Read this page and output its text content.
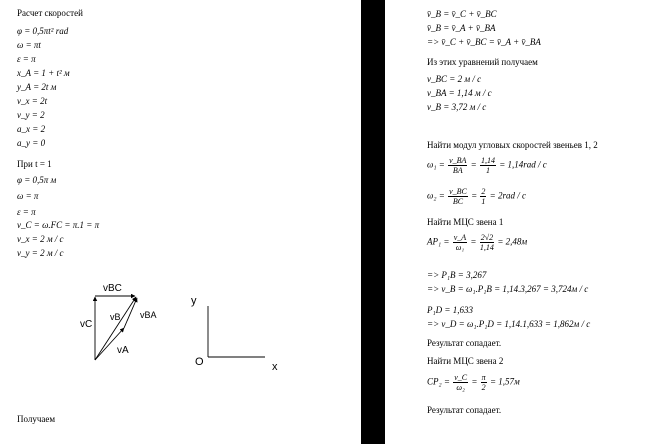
Расчет скоростей
φ = 0,5πt² rad
ω = πt
ε = π
x_A = 1 + t² м
y_A = 2t м
v_x = 2t
v_y = 2
a_x = 2
a_y = 0
При t = 1
φ = 0,5π м
ω = π
ε = π
v_C = ω.FC = π.1 = π
v_x = 2 м / с
v_y = 2 м / с
vBC
vC
vB vBA
vA
y
O	x
Получаем
v̄_B = v̄_C + v̄_BC
v̄_B = v̄_A + v̄_BA
=> v̄_C + v̄_BC = v̄_A + v̄_BA
Из этих уравнений получаем
v_BC = 2 м / с
v_BA = 1,14 м / с
v_B = 3,72 м / с
Найти модул угловых скоростей звеньев 1, 2
$\omega_1 = \frac{v\_BA}{BA} = \frac{1,14}{1} = 1,14rad / c$
$\omega_2 = \frac{v\_BC}{BC} = \frac{2}{1} = 2rad / c$
Найти МЦС звена 1
$AP_1 = \frac{v\_A}{\text{ω₁}} = \frac{2√2}{1,14} = 2,48м$
=> P₁B = 3,267
=> v_B = ω₁.P₁B = 1,14.3,267 = 3,724м / с
P₁D = 1,633
=> v_D = ω₁.P₁D = 1,14.1,633 = 1,862м / с
Результат сопадает.
Найти МЦС звена 2
$CP_2 = \frac{v\_C}{\text{ω₂}} = \frac{\pi}{2} = 1,57м$
Результат сопадает.
